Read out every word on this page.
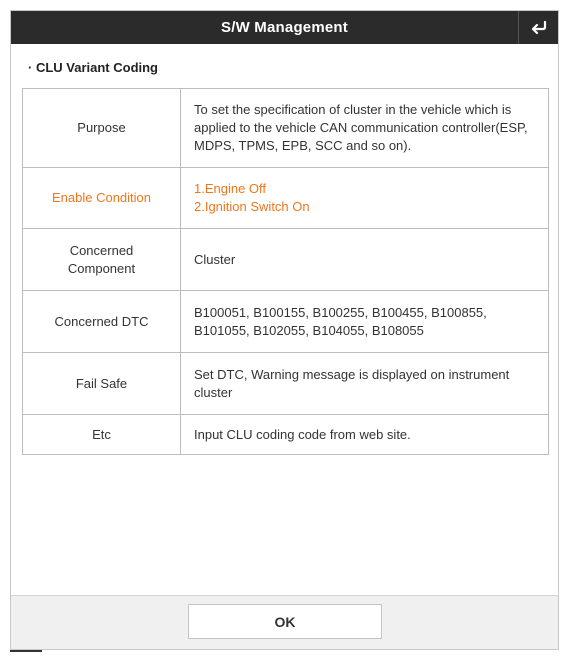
S/W Management
· CLU Variant Coding
Purpose	To set the specification of cluster in the vehicle which is applied to the vehicle CAN communication controller(ESP, MDPS, TPMS, EPB, SCC and so on).
Enable Condition	1.Engine Off
2.Ignition Switch On

Concerned Component	Cluster
Concerned DTC	B100051, B100155, B100255, B100455, B100855, B101055, B102055, B104055, B108055
Fail Safe	Set DTC, Warning message is displayed on instrument cluster
Etc	Input CLU coding code from web site.
OK
